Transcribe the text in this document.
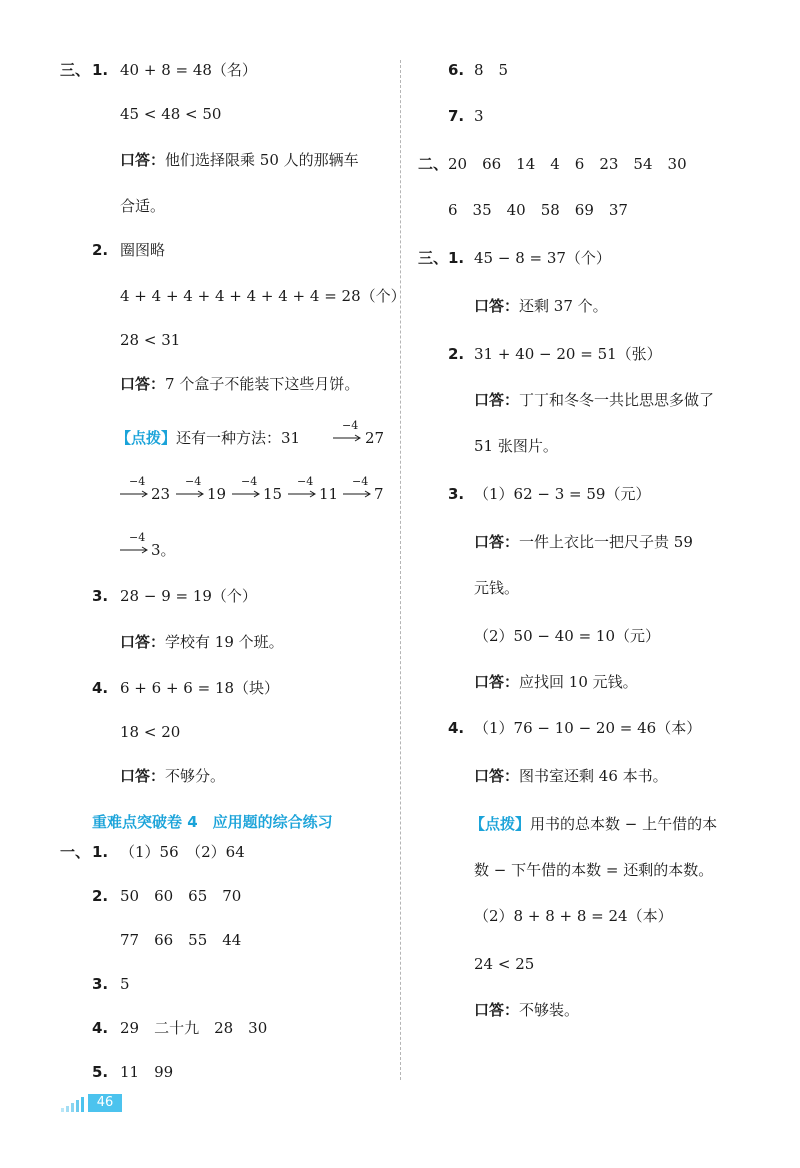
三、 1. 40 + 8 = 48（名）
45 < 48 < 50
口答：他们选择限乘 50 人的那辆车
合适。
2. 圈图略
4 + 4 + 4 + 4 + 4 + 4 + 4 = 28（个）
28 < 31
口答：7 个盒子不能装下这些月饼。
【点拨】还有一种方法：31
−4
27
−4
23
−4
19
−4
15
−4
11
−4
7
−4
3。
3. 28 − 9 = 19（个）
口答：学校有 19 个班。
4. 6 + 6 + 6 = 18（块）
18 < 20
口答：不够分。
重难点突破卷 4　应用题的综合练习
一、 1. （1）56　（2）64
2. 50　60　65　70
77　66　55　44
3. 5
4. 29　二十九　28　30
5. 11　99
6. 8　5
7. 3
二、 20　66　14　4　6　23　54　30
6　35　40　58　69　37
三、 1. 45 − 8 = 37（个）
口答：还剩 37 个。
2. 31 + 40 − 20 = 51（张）
口答：丁丁和冬冬一共比思思多做了
51 张图片。
3. （1）62 − 3 = 59（元）
口答：一件上衣比一把尺子贵 59
元钱。
（2）50 − 40 = 10（元）
口答：应找回 10 元钱。
4. （1）76 − 10 − 20 = 46（本）
口答：图书室还剩 46 本书。
【点拨】用书的总本数 − 上午借的本
数 − 下午借的本数 = 还剩的本数。
（2）8 + 8 + 8 = 24（本）
24 < 25
口答：不够装。
46
